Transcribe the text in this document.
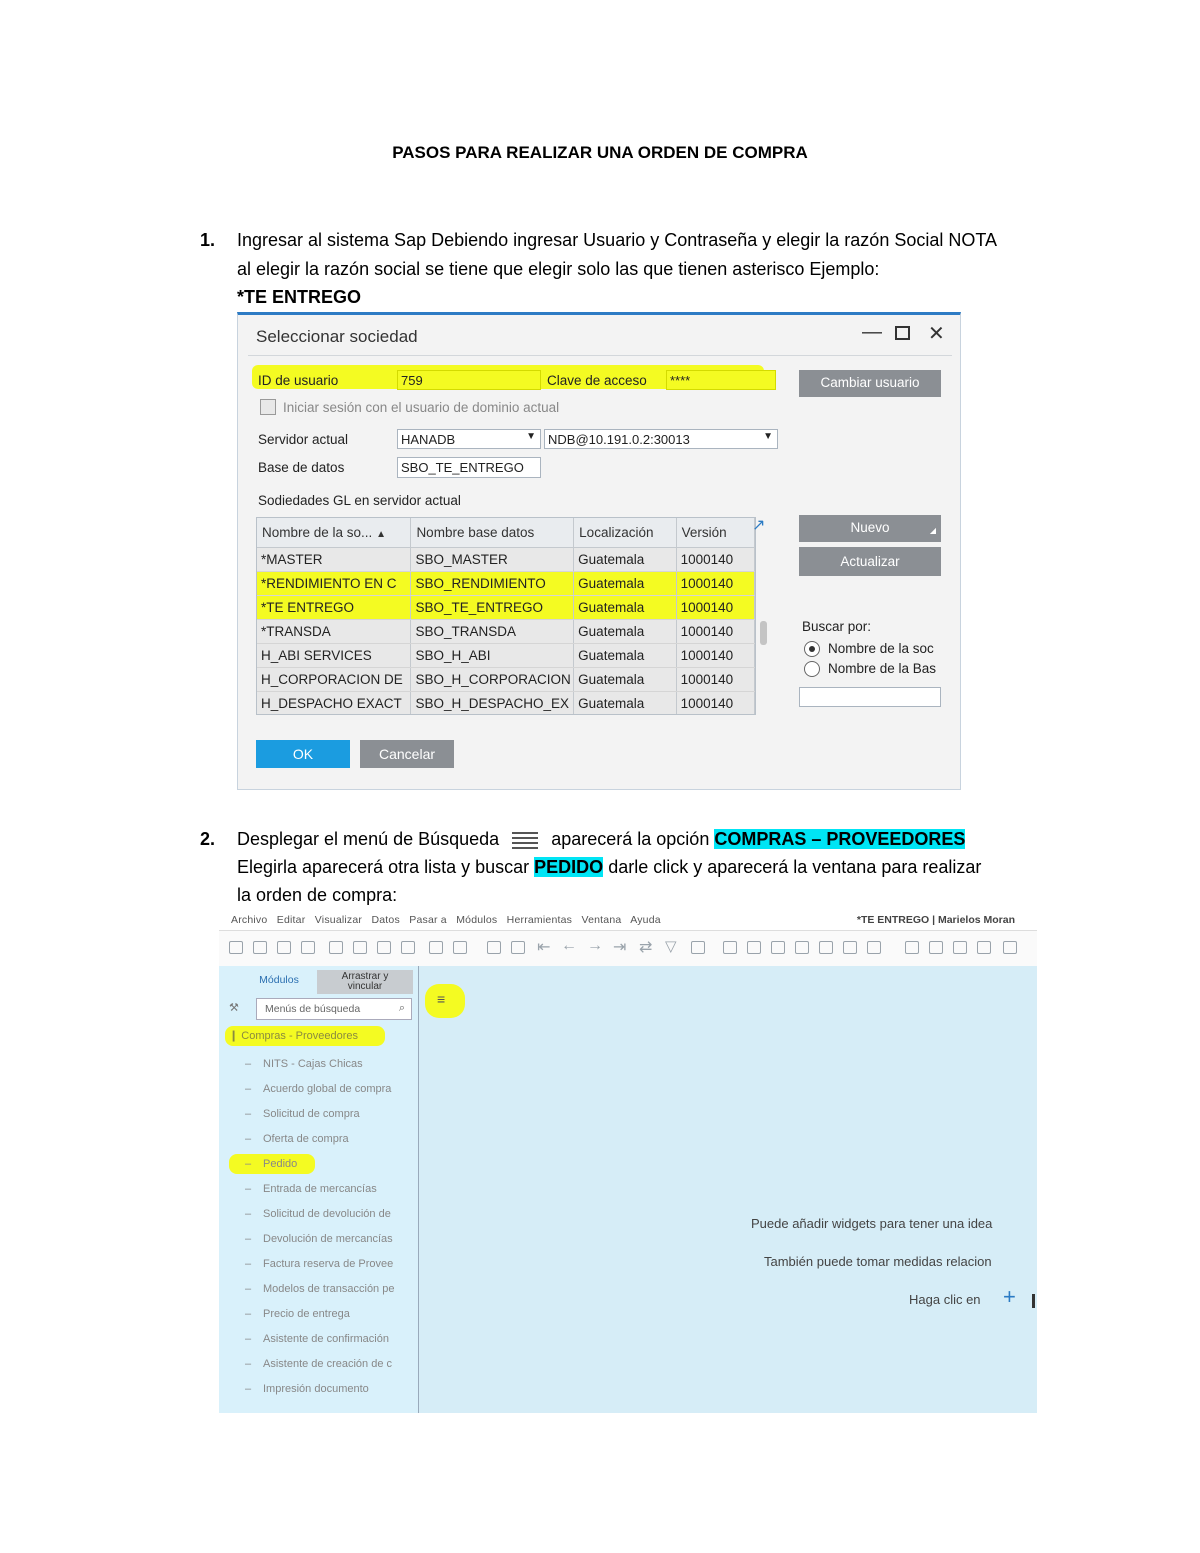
PASOS PARA REALIZAR UNA ORDEN DE COMPRA
1. Ingresar al sistema Sap Debiendo ingresar Usuario y Contraseña y elegir la razón Social NOTA
al elegir la razón social se tiene que elegir solo las que tienen asterisco Ejemplo:
*TE ENTREGO
Seleccionar sociedad	— ✕
ID de usuario	759	Clave de acceso	****	Cambiar usuario
Iniciar sesión con el usuario de dominio actual
Servidor actual	HANADB	▼ NDB@10.191.0.2:30013	▼
Base de datos	SBO_TE_ENTREGO
Sodiedades GL en servidor actual
Nombre de la so... ▲	Nombre base datos	Localización	Versión
*MASTER	SBO_MASTER	Guatemala	1000140
*RENDIMIENTO EN C	SBO_RENDIMIENTO	Guatemala	1000140
*TE ENTREGO	SBO_TE_ENTREGO	Guatemala	1000140
*TRANSDA	SBO_TRANSDA	Guatemala	1000140
H_ABI SERVICES	SBO_H_ABI	Guatemala	1000140
H_CORPORACION DE	SBO_H_CORPORACION	Guatemala	1000140
H_DESPACHO EXACT	SBO_H_DESPACHO_EX	Guatemala	1000140
↗	Nuevo	◢
Actualizar
Buscar por:
Nombre de la soc
Nombre de la Bas
OK	Cancelar
2. Desplegar el menú de Búsqueda	aparecerá la opción COMPRAS – PROVEEDORES
Elegirla aparecerá otra lista y buscar PEDIDO darle click y aparecerá la ventana para realizar
la orden de compra:
Archivo Editar Visualizar Datos Pasar a Módulos Herramientas Ventana Ayuda	*TE ENTREGO | Marielos Moran
⇤ ← → ⇥ ⇄ ▽
Módulos	Arrastrar y
vincular
⚒	Menús de búsqueda	⌕
❙ Compras - Proveedores
– NITS - Cajas Chicas
– Acuerdo global de compra
– Solicitud de compra
– Oferta de compra
– Pedido
– Entrada de mercancías
– Solicitud de devolución de
– Devolución de mercancías
– Factura reserva de Provee
– Modelos de transacción pe
– Precio de entrega
– Asistente de confirmación
– Asistente de creación de c
– Impresión documento
≡
Puede añadir widgets para tener una idea
También puede tomar medidas relacion
Haga clic en +
